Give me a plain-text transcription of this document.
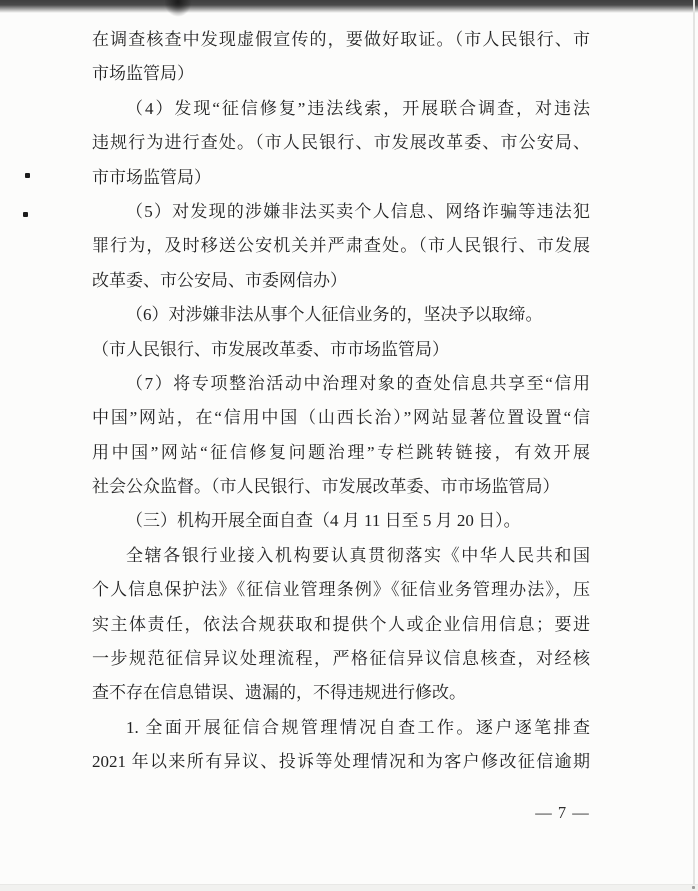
在调查核查中发现虚假宣传的，要做好取证。（市人民银行、市
市场监管局）
（4）发现“征信修复”违法线索，开展联合调查，对违法
违规行为进行查处。（市人民银行、市发展改革委、市公安局、
市市场监管局）
（5）对发现的涉嫌非法买卖个人信息、网络诈骗等违法犯
罪行为，及时移送公安机关并严肃查处。（市人民银行、市发展
改革委、市公安局、市委网信办）
（6）对涉嫌非法从事个人征信业务的，坚决予以取缔。
（市人民银行、市发展改革委、市市场监管局）
（7）将专项整治活动中治理对象的查处信息共享至“信用
中国”网站，在“信用中国（山西长治）”网站显著位置设置“信
用中国”网站“征信修复问题治理”专栏跳转链接，有效开展
社会公众监督。（市人民银行、市发展改革委、市市场监管局）
（三）机构开展全面自查（4 月 11 日至 5 月 20 日）。
全辖各银行业接入机构要认真贯彻落实《中华人民共和国
个人信息保护法》《征信业管理条例》《征信业务管理办法》，压
实主体责任，依法合规获取和提供个人或企业信用信息；要进
一步规范征信异议处理流程，严格征信异议信息核查，对经核
查不存在信息错误、遗漏的，不得违规进行修改。
1. 全面开展征信合规管理情况自查工作。逐户逐笔排查
2021 年以来所有异议、投诉等处理情况和为客户修改征信逾期
— 7 —
